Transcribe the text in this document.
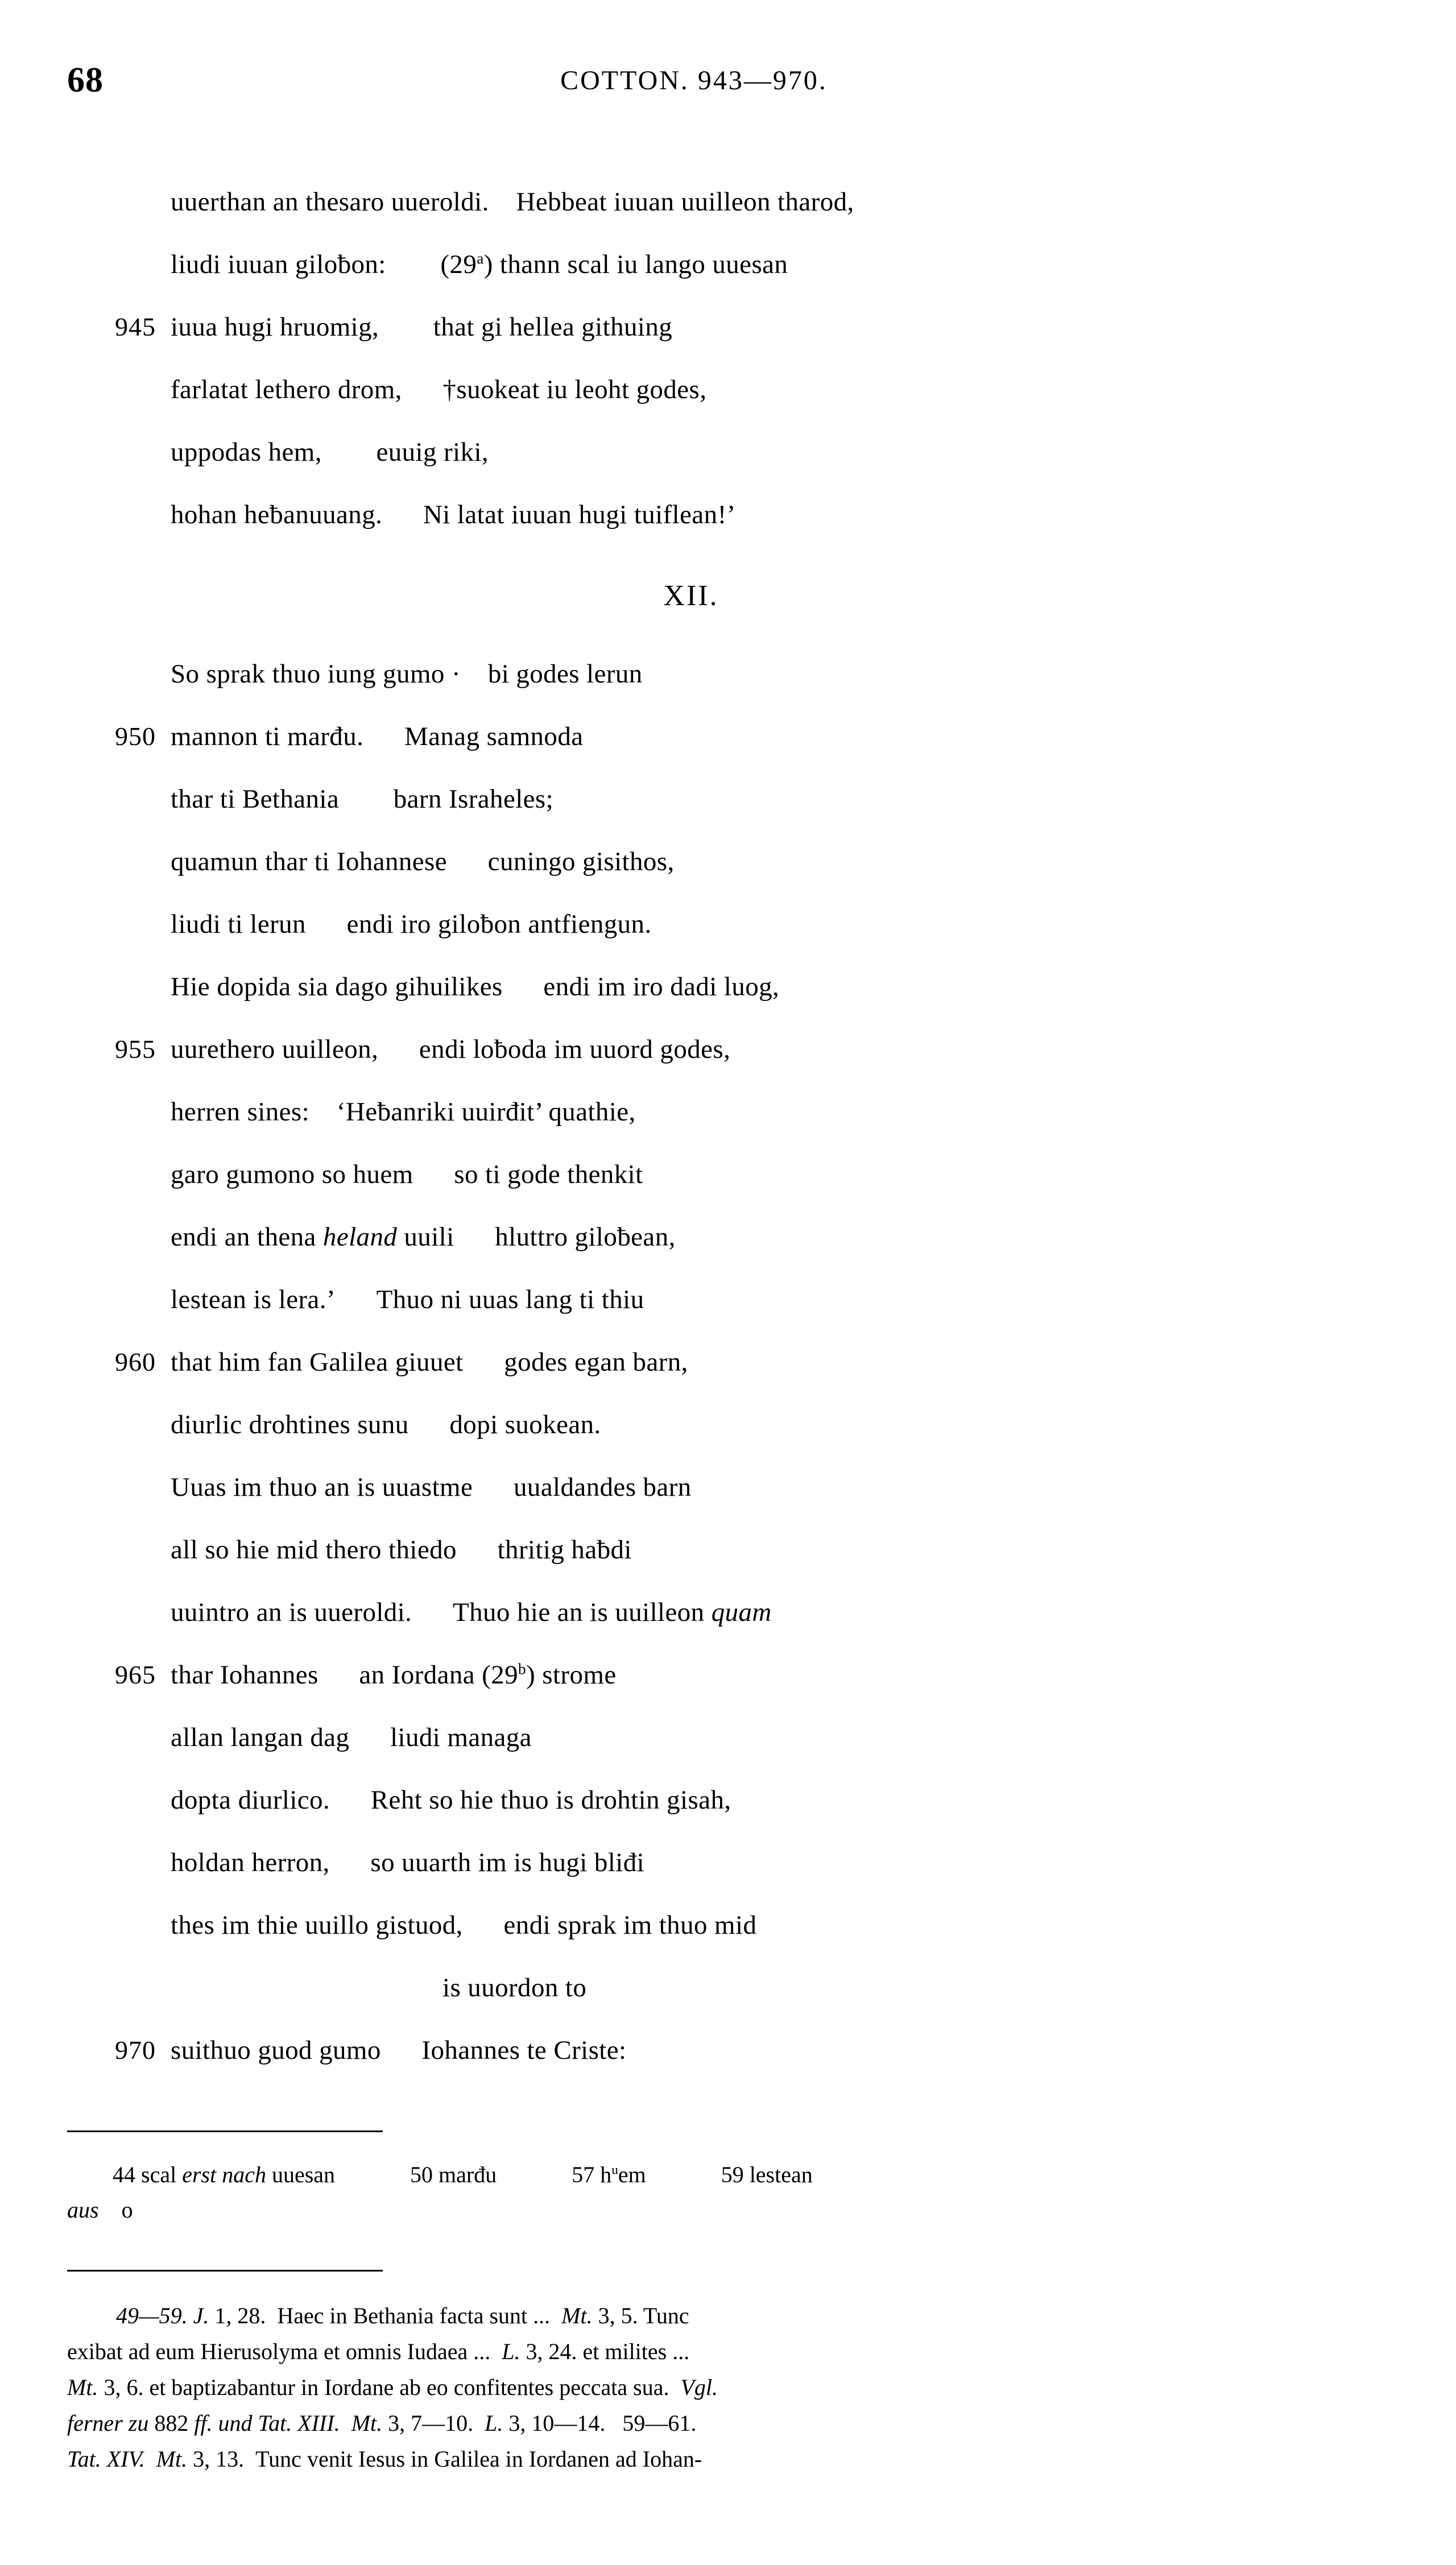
68	COTTON. 943—970.
uuerthan an thesaro uueroldi.  Hebbeat iuuan uuilleon tharod,
liudi iuuan giloƀon:    (29$^a$) thann scal iu lango uuesan
945 iuua hugi hruomig,    that gi hellea githuing
farlatat lethero drom,   †suokeat iu leoht godes,
uppodas hem,    euuig riki,
hohan heƀanuuang.   Ni latat iuuan hugi tuiflean!’
XII.
So sprak thuo iung gumo ·  bi godes lerun
950 mannon ti marđu.   Manag samnoda
thar ti Bethania    barn Israheles;
quamun thar ti Iohannese   cuningo gisithos,
liudi ti lerun   endi iro giloƀon antfiengun.
Hie dopida sia dago gihuilikes   endi im iro dadi luog,
955 uurethero uuilleon,   endi loƀoda im uuord godes,
herren sines:  ‘Heƀanriki uuirđit’ quathie,
garo gumono so huem   so ti gode thenkit
endi an thena heland uuili   hluttro giloƀean,
lestean is lera.’   Thuo ni uuas lang ti thiu
960 that him fan Galilea giuuet   godes egan barn,
diurlic drohtines sunu   dopi suokean.
Uuas im thuo an is uuastme   uualdandes barn
all so hie mid thero thiedo   thritig haƀdi
uuintro an is uueroldi.   Thuo hie an is uuilleon quam
965 thar Iohannes   an Iordana (29$^b$) strome
allan langan dag   liudi managa
dopta diurlico.   Reht so hie thuo is drohtin gisah,
holdan herron,   so uuarth im is hugi bliđi
thes im thie uuillo gistuod,   endi sprak im thuo mid
                    is uuordon to
970 suithuo guod gumo   Iohannes te Criste:
44 scal erst nach uuesan	50 marđu	57 $h^uem$	59 lestean
aus  o
49—59. J. 1, 28. Haec in Bethania facta sunt ... Mt. 3, 5. Tunc
exibat ad eum Hierusolyma et omnis Iudaea ... L. 3, 24. et milites ...
Mt. 3, 6. et baptizabantur in Iordane ab eo confitentes peccata sua. Vgl.
ferner zu 882 ff. und Tat. XIII.  Mt. 3, 7—10. L. 3, 10—14.  59—61.
Tat. XIV.  Mt. 3, 13. Tunc venit Iesus in Galilea in Iordanen ad Iohan-
